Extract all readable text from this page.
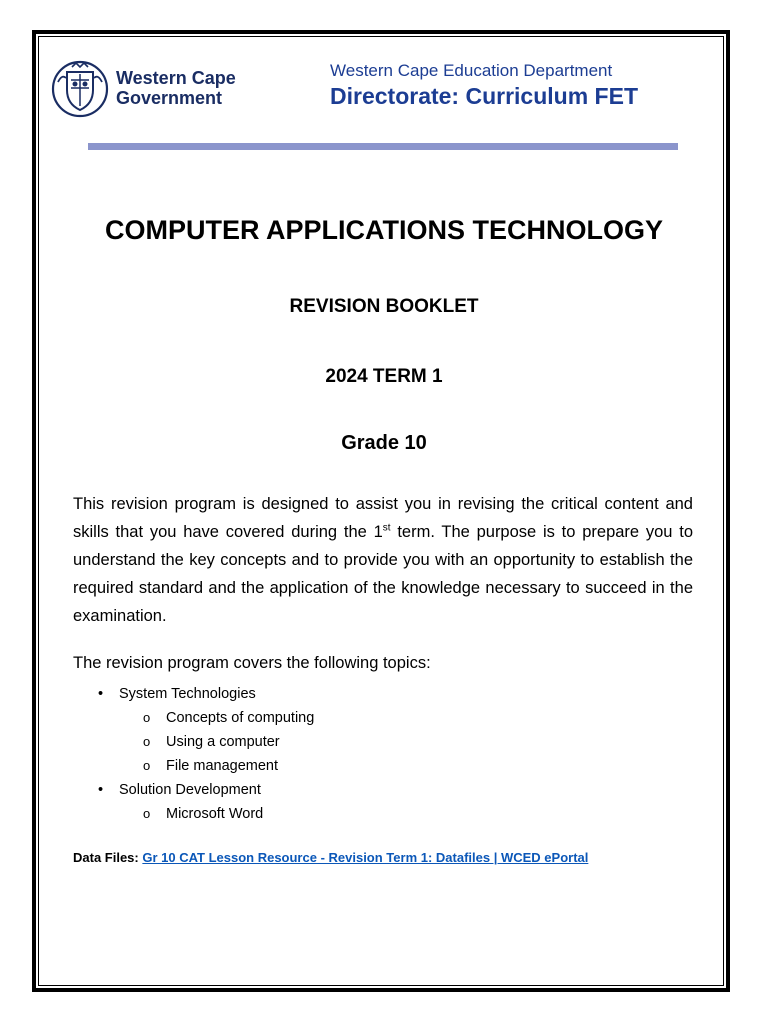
Western Cape
Government
Western Cape Education Department
Directorate: Curriculum FET
COMPUTER APPLICATIONS TECHNOLOGY
REVISION BOOKLET
2024 TERM 1
Grade 10
This revision program is designed to assist you in revising the critical content and skills that you have covered during the 1st term. The purpose is to prepare you to understand the key concepts and to provide you with an opportunity to establish the required standard and the application of the knowledge necessary to succeed in the examination.
The revision program covers the following topics:
• System Technologies
o Concepts of computing
o Using a computer
o File management
• Solution Development
o Microsoft Word
Data Files: Gr 10 CAT Lesson Resource - Revision Term 1: Datafiles | WCED ePortal
